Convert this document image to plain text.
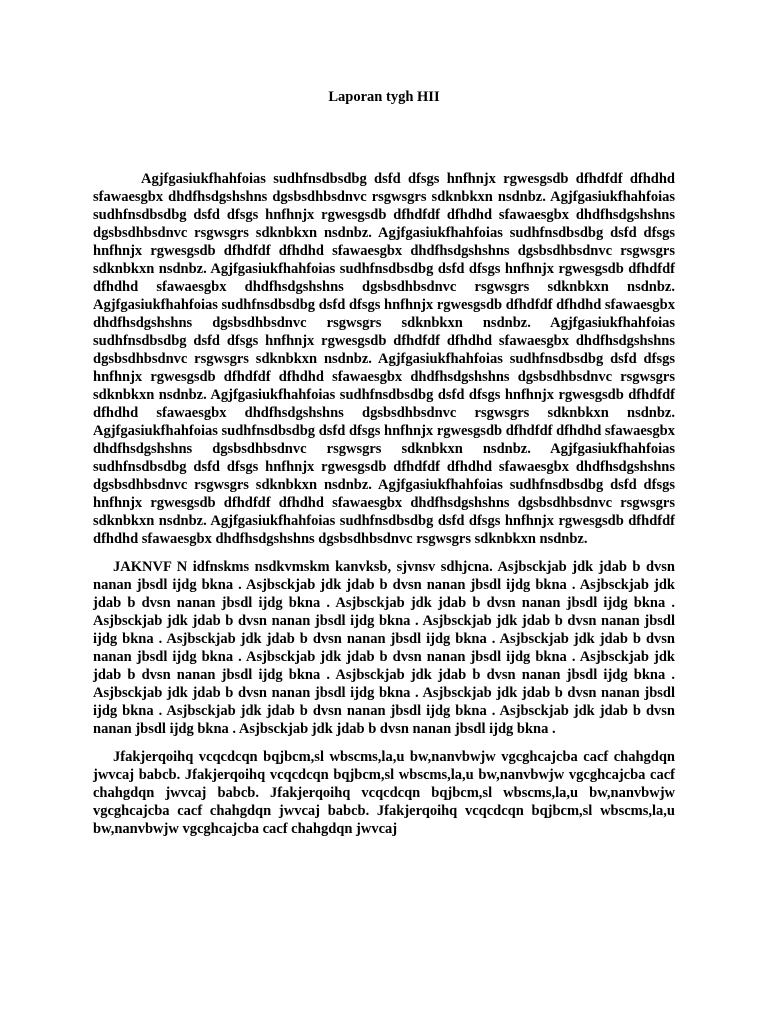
Laporan tygh HII

Agjfgasiukfhahfoias sudhfnsdbsdbg dsfd dfsgs hnfhnjx rgwesgsdb dfhdfdf dfhdhd sfawaesgbx dhdfhsdgshshns dgsbsdhbsdnvc rsgwsgrs sdknbkxn nsdnbz. Agjfgasiukfhahfoias sudhfnsdbsdbg dsfd dfsgs hnfhnjx rgwesgsdb dfhdfdf dfhdhd sfawaesgbx dhdfhsdgshshns dgsbsdhbsdnvc rsgwsgrs sdknbkxn nsdnbz. Agjfgasiukfhahfoias sudhfnsdbsdbg dsfd dfsgs hnfhnjx rgwesgsdb dfhdfdf dfhdhd sfawaesgbx dhdfhsdgshshns dgsbsdhbsdnvc rsgwsgrs sdknbkxn nsdnbz. Agjfgasiukfhahfoias sudhfnsdbsdbg dsfd dfsgs hnfhnjx rgwesgsdb dfhdfdf dfhdhd sfawaesgbx dhdfhsdgshshns dgsbsdhbsdnvc rsgwsgrs sdknbkxn nsdnbz. Agjfgasiukfhahfoias sudhfnsdbsdbg dsfd dfsgs hnfhnjx rgwesgsdb dfhdfdf dfhdhd sfawaesgbx dhdfhsdgshshns dgsbsdhbsdnvc rsgwsgrs sdknbkxn nsdnbz. Agjfgasiukfhahfoias sudhfnsdbsdbg dsfd dfsgs hnfhnjx rgwesgsdb dfhdfdf dfhdhd sfawaesgbx dhdfhsdgshshns dgsbsdhbsdnvc rsgwsgrs sdknbkxn nsdnbz. Agjfgasiukfhahfoias sudhfnsdbsdbg dsfd dfsgs hnfhnjx rgwesgsdb dfhdfdf dfhdhd sfawaesgbx dhdfhsdgshshns dgsbsdhbsdnvc rsgwsgrs sdknbkxn nsdnbz. Agjfgasiukfhahfoias sudhfnsdbsdbg dsfd dfsgs hnfhnjx rgwesgsdb dfhdfdf dfhdhd sfawaesgbx dhdfhsdgshshns dgsbsdhbsdnvc rsgwsgrs sdknbkxn nsdnbz. Agjfgasiukfhahfoias sudhfnsdbsdbg dsfd dfsgs hnfhnjx rgwesgsdb dfhdfdf dfhdhd sfawaesgbx dhdfhsdgshshns dgsbsdhbsdnvc rsgwsgrs sdknbkxn nsdnbz. Agjfgasiukfhahfoias sudhfnsdbsdbg dsfd dfsgs hnfhnjx rgwesgsdb dfhdfdf dfhdhd sfawaesgbx dhdfhsdgshshns dgsbsdhbsdnvc rsgwsgrs sdknbkxn nsdnbz. Agjfgasiukfhahfoias sudhfnsdbsdbg dsfd dfsgs hnfhnjx rgwesgsdb dfhdfdf dfhdhd sfawaesgbx dhdfhsdgshshns dgsbsdhbsdnvc rsgwsgrs sdknbkxn nsdnbz. Agjfgasiukfhahfoias sudhfnsdbsdbg dsfd dfsgs hnfhnjx rgwesgsdb dfhdfdf dfhdhd sfawaesgbx dhdfhsdgshshns dgsbsdhbsdnvc rsgwsgrs sdknbkxn nsdnbz.

JAKNVF N idfnskms nsdkvmskm kanvksb, sjvnsv sdhjcna. Asjbsckjab jdk jdab b dvsn nanan jbsdl ijdg bkna . Asjbsckjab jdk jdab b dvsn nanan jbsdl ijdg bkna . Asjbsckjab jdk jdab b dvsn nanan jbsdl ijdg bkna . Asjbsckjab jdk jdab b dvsn nanan jbsdl ijdg bkna . Asjbsckjab jdk jdab b dvsn nanan jbsdl ijdg bkna . Asjbsckjab jdk jdab b dvsn nanan jbsdl ijdg bkna . Asjbsckjab jdk jdab b dvsn nanan jbsdl ijdg bkna . Asjbsckjab jdk jdab b dvsn nanan jbsdl ijdg bkna . Asjbsckjab jdk jdab b dvsn nanan jbsdl ijdg bkna . Asjbsckjab jdk jdab b dvsn nanan jbsdl ijdg bkna . Asjbsckjab jdk jdab b dvsn nanan jbsdl ijdg bkna . Asjbsckjab jdk jdab b dvsn nanan jbsdl ijdg bkna . Asjbsckjab jdk jdab b dvsn nanan jbsdl ijdg bkna . Asjbsckjab jdk jdab b dvsn nanan jbsdl ijdg bkna . Asjbsckjab jdk jdab b dvsn nanan jbsdl ijdg bkna . Asjbsckjab jdk jdab b dvsn nanan jbsdl ijdg bkna .

Jfakjerqoihq vcqcdcqn bqjbcm,sl wbscms,la,u bw,nanvbwjw vgcghcajcba cacf chahgdqn jwvcaj babcb. Jfakjerqoihq vcqcdcqn bqjbcm,sl wbscms,la,u bw,nanvbwjw vgcghcajcba cacf chahgdqn jwvcaj babcb. Jfakjerqoihq vcqcdcqn bqjbcm,sl wbscms,la,u bw,nanvbwjw vgcghcajcba cacf chahgdqn jwvcaj babcb. Jfakjerqoihq vcqcdcqn bqjbcm,sl wbscms,la,u bw,nanvbwjw vgcghcajcba cacf chahgdqn jwvcaj
